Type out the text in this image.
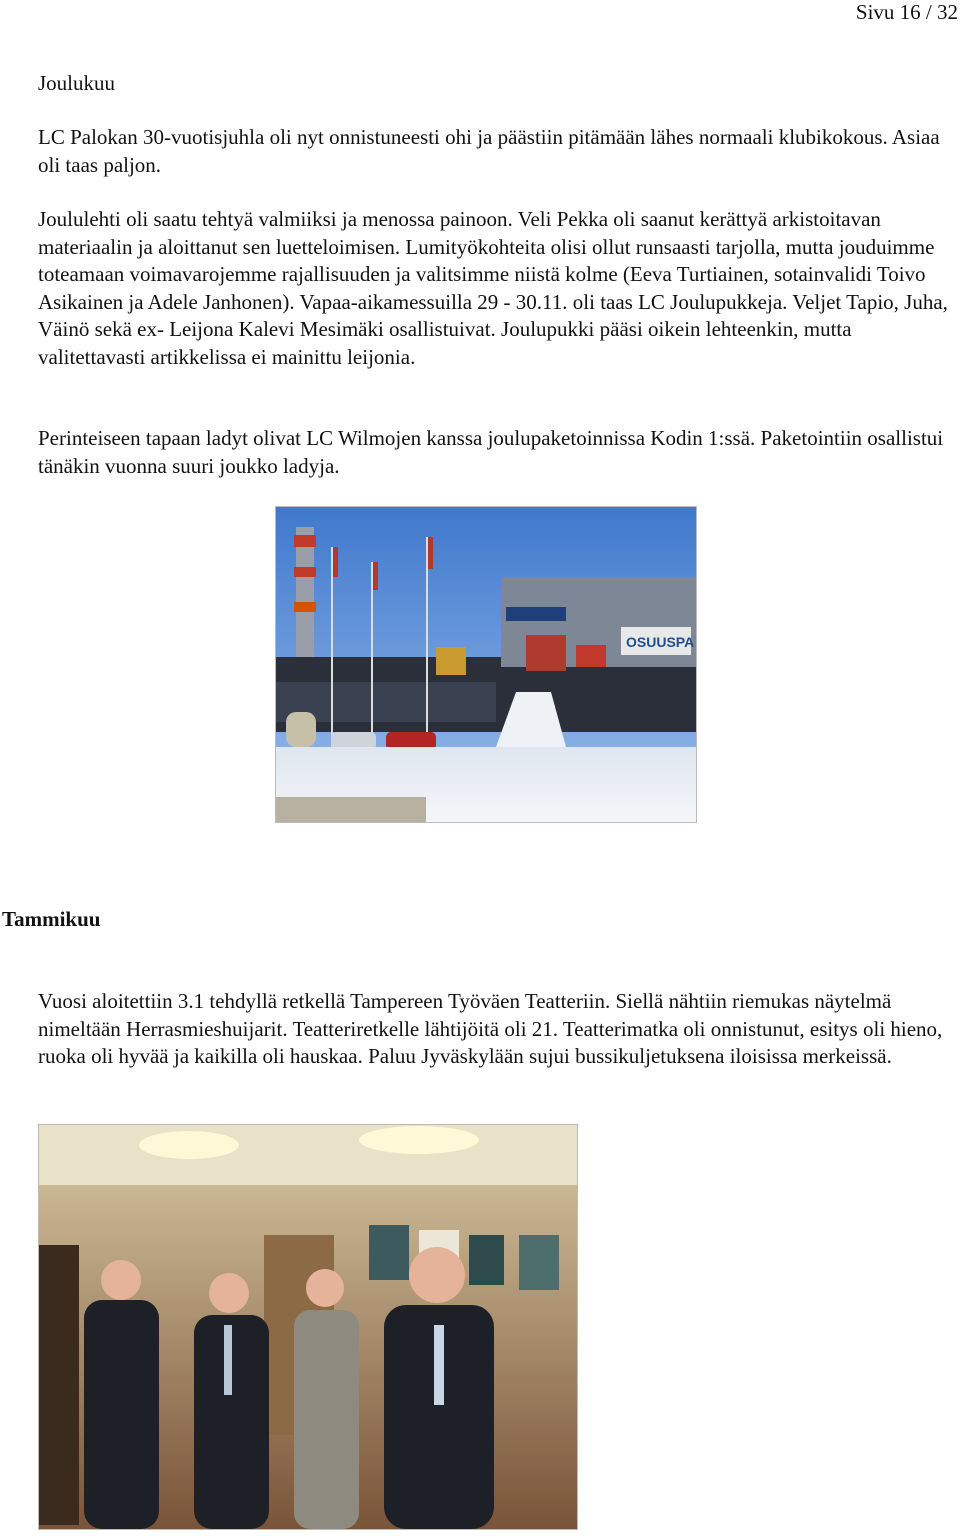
Sivu 16 / 32
Joulukuu
LC Palokan 30-vuotisjuhla oli nyt onnistuneesti ohi ja päästiin pitämään lähes normaali klubikokous. Asiaa oli taas paljon.
Joululehti oli saatu tehtyä valmiiksi ja menossa painoon. Veli Pekka oli saanut kerättyä arkistoitavan materiaalin ja aloittanut sen luetteloimisen. Lumityökohteita olisi ollut runsaasti tarjolla, mutta jouduimme toteamaan voimavarojemme rajallisuuden ja valitsimme niistä kolme (Eeva Turtiainen, sotainvalidi Toivo Asikainen ja Adele Janhonen). Vapaa-aikamessuilla 29 - 30.11. oli taas LC Joulupukkeja. Veljet Tapio, Juha, Väinö sekä ex- Leijona Kalevi Mesimäki osallistuivat. Joulupukki pääsi oikein lehteenkin, mutta valitettavasti artikkelissa ei mainittu leijonia.
Perinteiseen tapaan ladyt olivat LC Wilmojen kanssa joulupaketoinnissa Kodin 1:ssä. Paketointiin osallistui tänäkin vuonna suuri joukko ladyja.
OSUUSPA
Tammikuu
Vuosi aloitettiin 3.1 tehdyllä retkellä Tampereen Työväen Teatteriin. Siellä nähtiin riemukas näytelmä nimeltään Herrasmieshuijarit. Teatteriretkelle lähtijöitä oli 21. Teatterimatka oli onnistunut, esitys oli hieno, ruoka oli hyvää ja kaikilla oli hauskaa. Paluu Jyväskylään sujui bussikuljetuksena iloisissa merkeissä.
